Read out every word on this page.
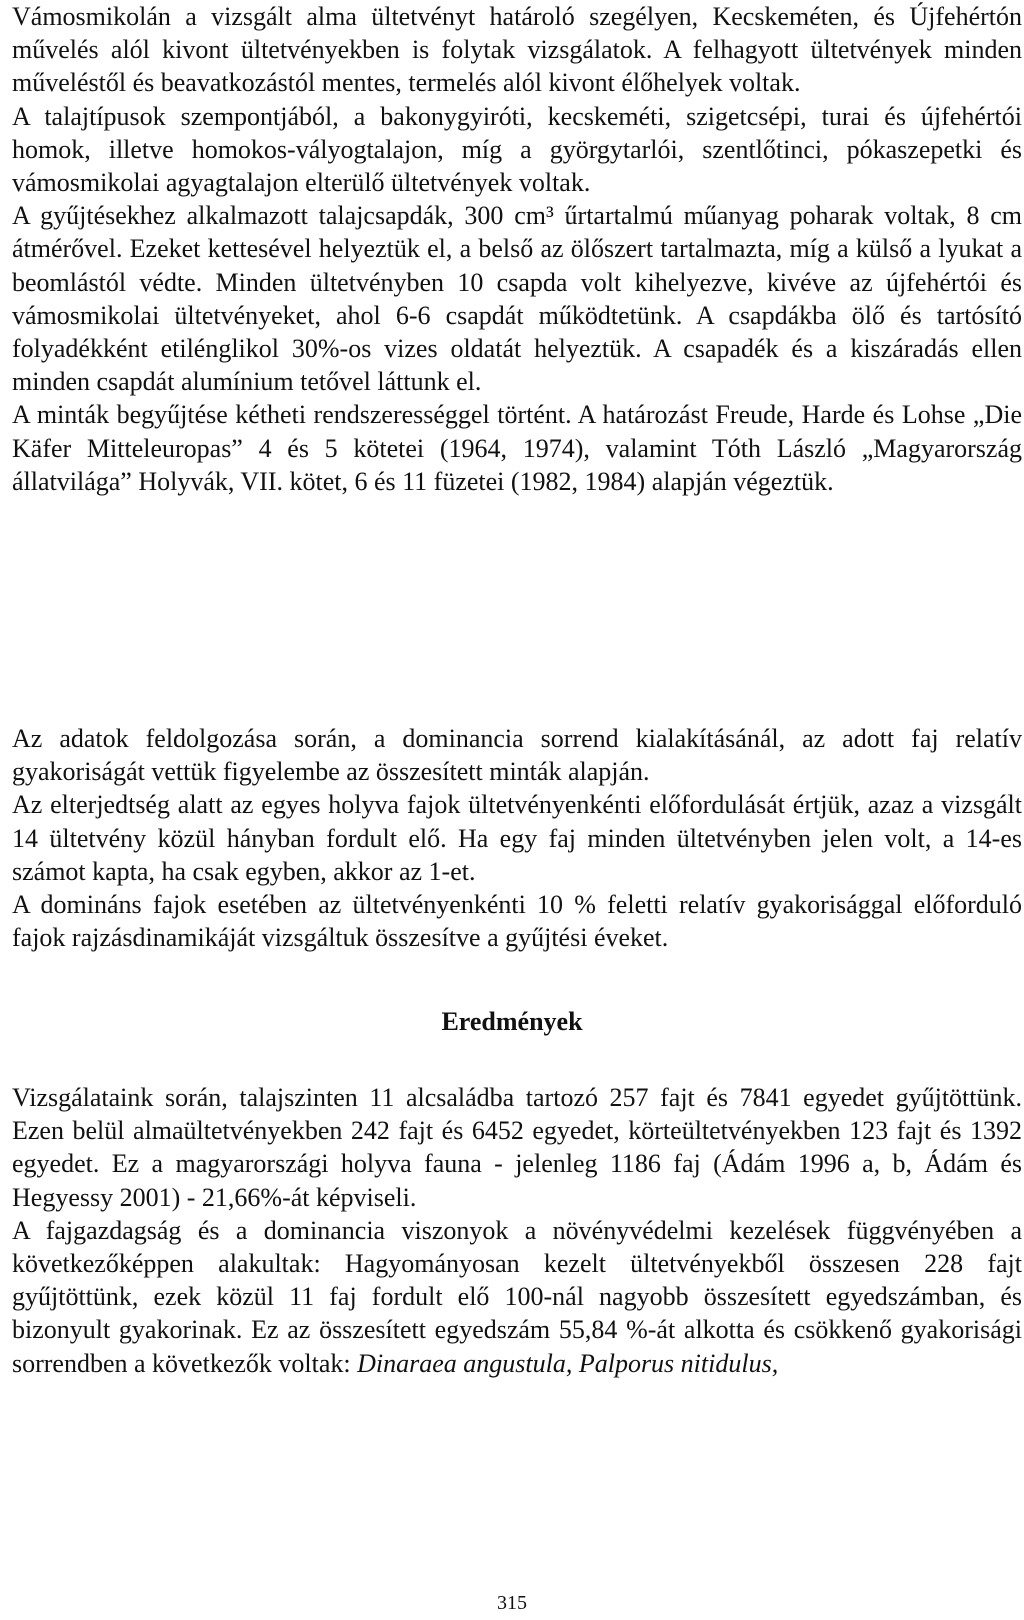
Vámosmikolán a vizsgált alma ültetvényt határoló szegélyen, Kecskeméten, és Újfehértón művelés alól kivont ültetvényekben is folytak vizsgálatok. A felhagyott ültetvények minden műveléstől és beavatkozástól mentes, termelés alól kivont élőhelyek voltak.

A talajtípusok szempontjából, a bakonygyiróti, kecskeméti, szigetcsépi, turai és újfehértói homok, illetve homokos-vályogtalajon, míg a györgytarlói, szentlőtinci, pókaszepetki és vámosmikolai agyagtalajon elterülő ültetvények voltak.

A gyűjtésekhez alkalmazott talajcsapdák, 300 cm³ űrtartalmú műanyag poharak voltak, 8 cm átmérővel. Ezeket kettesével helyeztük el, a belső az ölőszert tartalmazta, míg a külső a lyukat a beomlástól védte. Minden ültetvényben 10 csapda volt kihelyezve, kivéve az újfehértói és vámosmikolai ültetvényeket, ahol 6-6 csapdát működtetünk. A csapdákba ölő és tartósító folyadékként etilénglikol 30%-os vizes oldatát helyeztük. A csapadék és a kiszáradás ellen minden csapdát alumínium tetővel láttunk el.

A minták begyűjtése kétheti rendszerességgel történt. A határozást Freude, Harde és Lohse „Die Käfer Mitteleuropas” 4 és 5 kötetei (1964, 1974), valamint Tóth László „Magyarország állatvilága” Holyvák, VII. kötet, 6 és 11 füzetei (1982, 1984) alapján végeztük.

Az adatok feldolgozása során, a dominancia sorrend kialakításánál, az adott faj relatív gyakoriságát vettük figyelembe az összesített minták alapján.

Az elterjedtség alatt az egyes holyva fajok ültetvényenkénti előfordulását értjük, azaz a vizsgált 14 ültetvény közül hányban fordult elő. Ha egy faj minden ültetvényben jelen volt, a 14-es számot kapta, ha csak egyben, akkor az 1-et.

A domináns fajok esetében az ültetvényenkénti 10 % feletti relatív gyakorisággal előforduló fajok rajzásdinamikáját vizsgáltuk összesítve a gyűjtési éveket.

Eredmények

Vizsgálataink során, talajszinten 11 alcsaládba tartozó 257 fajt és 7841 egyedet gyűjtöttünk. Ezen belül almaültetvényekben 242 fajt és 6452 egyedet, körteültetvényekben 123 fajt és 1392 egyedet. Ez a magyarországi holyva fauna - jelenleg 1186 faj (Ádám 1996 a, b, Ádám és Hegyessy 2001) - 21,66%-át képviseli.

A fajgazdagság és a dominancia viszonyok a növényvédelmi kezelések függvényében a következőképpen alakultak: Hagyományosan kezelt ültetvényekből összesen 228 fajt gyűjtöttünk, ezek közül 11 faj fordult elő 100-nál nagyobb összesített egyedszámban, és bizonyult gyakorinak. Ez az összesített egyedszám 55,84 %-át alkotta és csökkenő gyakorisági sorrendben a következők voltak: Dinaraea angustula, Palporus nitidulus,

315
